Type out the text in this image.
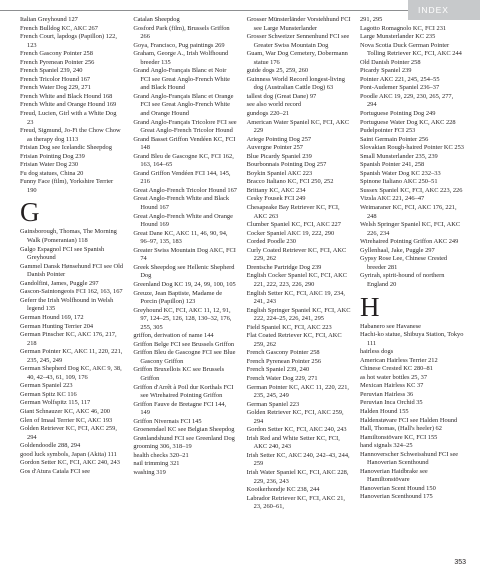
INDEX

Italian Greyhound 127

French Bulldog KC, AKC 267

French Court, lapdogs (Papillon) 122, 123

French Gascony Pointer 258

French Pyrenean Pointer 256

French Spaniel 239, 240

French Tricolor Hound 167

French Water Dog 229, 271

French White and Black Hound 168

French White and Orange Hound 169

Freud, Lucien, Girl with a White Dog 23

Freud, Sigmund, Jo-Fi the Chow Chow as therapy dog 1113

Frisian Dog see Icelandic Sheepdog

Frisian Pointing Dog 239

Frisian Water Dog 230

Fu dog statues, China 20

Funny Face (film), Yorkshire Terrier 190

G

Gainsborough, Thomas, The Morning Walk (Pomeranian) 118

Galgo Espagnol FCI see Spanish Greyhound

Gammel Dansk Hønsehund FCI see Old Danish Pointer

Gandolfini, James, Puggle 297

Gascon-Saintongeois FCI 162, 163, 167

Geferr the Irish Wolfhound in Welsh legend 135

German Hound 169, 172

German Hunting Terrier 204

German Pinscher KC, AKC 176, 217, 218

German Pointer KC, AKC 11, 220, 221, 235, 245, 249

German Shepherd Dog KC, AKC 9, 38, 40, 42–43, 61, 109, 176

German Spaniel 223

German Spitz KC 116

German Wolfspitz 115, 117

Giant Schnauzer KC, AKC 46, 200

Glen of Imaal Terrier KC, AKC 193

Golden Retriever KC, FCI, AKC 259, 294

Goldendoodle 288, 294

good luck symbols, Japan (Akita) 111

Gordon Setter KC, FCI, AKC 240, 243

Gos d'Atura Catala FCI see

Catalan Sheepdog

Gosford Park (film), Brussels Griffon 266

Goya, Francisco, Pug paintings 269

Graham, George A., Irish Wolfhound breeder 135

Grand Anglo-Français Blanc et Noir FCI see Great Anglo-French White and Black Hound

Grand Anglo-Français Blanc et Orange FCI see Great Anglo-French White and Orange Hound

Grand Anglo-Français Tricolore FCI see Great Anglo-French Tricolor Hound

Grand Basset Griffon Vendéen KC, FCI 148

Grand Bleu de Gascogne KC, FCI 162, 163, 164–65

Grand Griffon Vendéen FCI 144, 145, 216

Great Anglo-French Tricolor Hound 167

Great Anglo-French White and Black Hound 167

Great Anglo-French White and Orange Hound 169

Great Dane KC, AKC 11, 46, 90, 94, 96–97, 135, 183

Greater Swiss Mountain Dog AKC, FCI 74

Greek Sheepdog see Hellenic Shepherd Dog

Greenland Dog KC 19, 24, 99, 100, 105

Greuze, Jean Baptiste, Madame de Porcin (Papillon) 123

Greyhound KC, FCI, AKC 11, 12, 91, 97, 124–25, 126, 128, 130–32, 176, 255, 305

griffon, derivation of name 144

Griffon Belge FCI see Brussels Griffon

Griffon Bleu de Gascogne FCI see Blue Gascony Griffon

Griffon Bruxellois KC see Brussels Griffon

Griffon d'Arrêt à Poil dur Korthals FCI see Wirehaired Pointing Griffon

Griffon Fauve de Bretagne FCI 144, 149

Griffon Nivernais FCI 145

Groenendael KC see Belgian Sheepdog

Grønlandshund FCI see Greenland Dog

grooming 306, 318–19

health checks 320–21

nail trimming 321

washing 319

Grosser Münsterländer Vorstehhund FCI see Large Munsterlander

Grosser Schweizer Sennenhund FCI see Greater Swiss Mountain Dog

Guam, War Dog Cemetery, Dobermann statue 176

guide dogs 25, 259, 260

Guinness World Record longest-living dog (Australian Cattle Dog) 63

tallest dog (Great Dane) 97

see also world record

gundogs 220–21

American Water Spaniel KC, FCI, AKC 229

Ariege Pointing Dog 257

Auvergne Pointer 257

Blue Picardy Spaniel 239

Bourbonnais Pointing Dog 257

Boykin Spaniel AKC 223

Bracco Italiano KC, FCI 250, 252

Brittany KC, AKC 234

Cesky Fousek FCI 249

Chesapeake Bay Retriever KC, FCI, AKC 263

Clumber Spaniel KC, FCI, AKC 227

Cocker Spaniel AKC 19, 222, 290

Corded Poodle 230

Curly Coated Retriever KC, FCI, AKC 229, 262

Drentsche Partridge Dog 239

English Cocker Spaniel KC, FCI, AKC 221, 222, 223, 226, 290

English Setter KC, FCI, AKC 19, 234, 241, 243

English Springer Spaniel KC, FCI, AKC 222, 224–25, 226, 241, 295

Field Spaniel KC, FCI, AKC 223

Flat Coated Retriever KC, FCI, AKC 259, 262

French Gascony Pointer 258

French Pyrenean Pointer 256

French Spaniel 239, 240

French Water Dog 229, 271

German Pointer KC, AKC 11, 220, 221, 235, 245, 249

German Spaniel 223

Golden Retriever KC, FCI, AKC 259, 294

Gordon Setter KC, FCI, AKC 240, 243

Irish Red and White Setter KC, FCI, AKC 240, 243

Irish Setter KC, AKC 240, 242–43, 244, 259

Irish Water Spaniel KC, FCI, AKC 228, 229, 236, 243

Kooikerhondje KC 238, 244

Labrador Retriever KC, FCI, AKC 21, 23, 260–61,

291, 295

Lagotto Romagnolo KC, FCI 231

Large Munsterlander KC 235

Nova Scotia Duck German Pointer Tolling Retriever KC, FCI, AKC 244

Old Danish Pointer 258

Picardy Spaniel 239

Pointer AKC 221, 245, 254–55

Pont-Audemer Spaniel 236–37

Poodle AKC 19, 229, 230, 265, 277, 294

Portuguese Pointing Dog 249

Portuguese Water Dog KC, AKC 228

Pudelpointer FCI 253

Saint Germain Pointer 256

Slovakian Rough-haired Pointer KC 253

Small Munsterlander 235, 239

Spanish Pointer 241, 258

Spanish Water Dog KC 232–33

Spinone Italiano AKC 250–51

Sussex Spaniel KC, FCI, AKC 223, 226

Vizsla AKC 221, 246–47

Weimaraner KC, FCI, AKC 176, 221, 248

Welsh Springer Spaniel KC, FCI, AKC 226, 234

Wirehaired Pointing Griffon AKC 249

Gyllenhaal, Jake, Puggle 297

Gypsy Rose Lee, Chinese Crested breeder 281

Gyrirah, spirit-hound of northern England 20

H

Habanero see Havanese

Hachi-ko statue, Shibuya Station, Tokyo 111

hairless dogs

American Hairless Terrier 212

Chinese Crested KC 280–81

as hot water bottles 25, 37

Mexican Hairless KC 37

Peruvian Hairless 36

Peruvian Inca Orchid 35

Halden Hound 155

Haldenstøvare FCI see Halden Hound

Hall, Thomas, (Hall's heeler) 62

Hamiltonstövare KC, FCI 155

hand signals 324–25

Hannoverscher Schweisshund FCI see Hanoverian Scenthound

Hanoverian Haidbrake see Hamiltonstövare

Hanoverian Scent Hound 150

Hanoverian Scenthound 175

353
